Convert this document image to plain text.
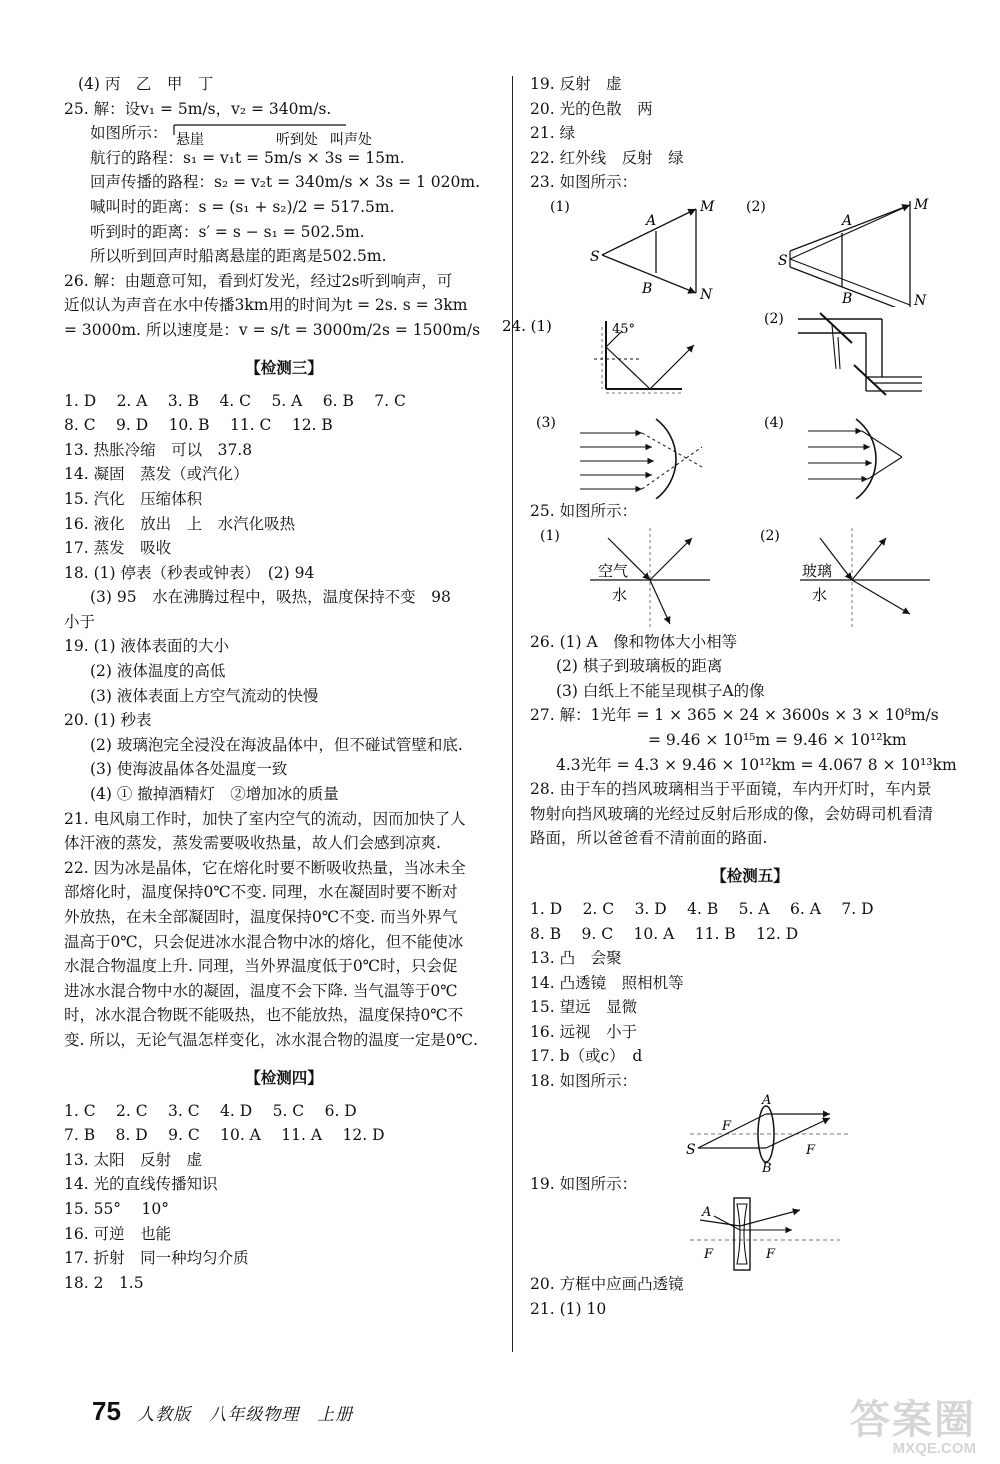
(4) 丙　乙　甲　丁
25. 解：设v₁ = 5m/s，v₂ = 340m/s.
如图所示： 悬崖	听到处 叫声处
航行的路程：s₁ = v₁t = 5m/s × 3s = 15m.
回声传播的路程：s₂ = v₂t = 340m/s × 3s = 1 020m.
喊叫时的距离：s = (s₁ + s₂)/2 = 517.5m.
听到时的距离：s′ = s − s₁ = 502.5m.
所以听到回声时船离悬崖的距离是502.5m.
26. 解：由题意可知，看到灯发光，经过2s听到响声，可
近似认为声音在水中传播3km用的时间为t = 2s. s = 3km
= 3000m. 所以速度是：v = s/t = 3000m/2s = 1500m/s
【检测三】
1. D　 2. A　 3. B　 4. C　 5. A　 6. B　 7. C
8. C　 9. D　 10. B　 11. C　 12. B
13. 热胀冷缩　可以　37.8
14. 凝固　蒸发（或汽化）
15. 汽化　压缩体积
16. 液化　放出　上　水汽化吸热
17. 蒸发　吸收
18. (1) 停表（秒表或钟表）　(2) 94
(3) 95　水在沸腾过程中，吸热，温度保持不变　98
小于
19. (1) 液体表面的大小
(2) 液体温度的高低
(3) 液体表面上方空气流动的快慢
20. (1) 秒表
(2) 玻璃泡完全浸没在海波晶体中，但不碰试管壁和底.
(3) 使海波晶体各处温度一致
(4) ① 撤掉酒精灯　②增加冰的质量
21. 电风扇工作时，加快了室内空气的流动，因而加快了人
体汗液的蒸发，蒸发需要吸收热量，故人们会感到凉爽.
22. 因为冰是晶体，它在熔化时要不断吸收热量，当冰未全
部熔化时，温度保持0℃不变. 同理，水在凝固时要不断对
外放热，在未全部凝固时，温度保持0℃不变. 而当外界气
温高于0℃，只会促进冰水混合物中冰的熔化，但不能使冰
水混合物温度上升. 同理，当外界温度低于0℃时，只会促
进冰水混合物中水的凝固，温度不会下降. 当气温等于0℃
时，冰水混合物既不能吸热，也不能放热，温度保持0℃不
变. 所以，无论气温怎样变化，冰水混合物的温度一定是0℃.
【检测四】
1. C　 2. C　 3. C　 4. D　 5. C　 6. D
7. B　 8. D　 9. C　 10. A　 11. A　 12. D
13. 太阳　反射　虚
14. 光的直线传播知识
15. 55°　 10°
16. 可逆　也能
17. 折射　同一种均匀介质
18. 2　1.5
19. 反射　虚
20. 光的色散　两
21. 绿
22. 红外线　反射　绿
23. 如图所示：
(1)
S
A
B
M
N
(2)
S
A
B
M
N
24. (1)	45°
(2)
(3)	(4)
25. 如图所示：
(1)
空气
水
(2)
玻璃
水
26. (1) A　像和物体大小相等
(2) 棋子到玻璃板的距离
(3) 白纸上不能呈现棋子A的像
27. 解：1光年 = 1 × 365 × 24 × 3600s × 3 × 10⁸m/s
= 9.46 × 10¹⁵m = 9.46 × 10¹²km
4.3光年 = 4.3 × 9.46 × 10¹²km = 4.067 8 × 10¹³km
28. 由于车的挡风玻璃相当于平面镜，车内开灯时，车内景
物射向挡风玻璃的光经过反射后形成的像，会妨碍司机看清
路面，所以爸爸看不清前面的路面.
【检测五】
1. D　 2. C　 3. D　 4. B　 5. A　 6. A　 7. D
8. B　 9. C　 10. A　 11. B　 12. D
13. 凸　会聚
14. 凸透镜　照相机等
15. 望远　显微
16. 远视　小于
17. b（或c）　d
18. 如图所示：
A
B
F
F
S
19. 如图所示：
A
F	F
20. 方框中应画凸透镜
21. (1) 10
75 人教版　八年级物理　上册	答案圈
MXQE.COM
